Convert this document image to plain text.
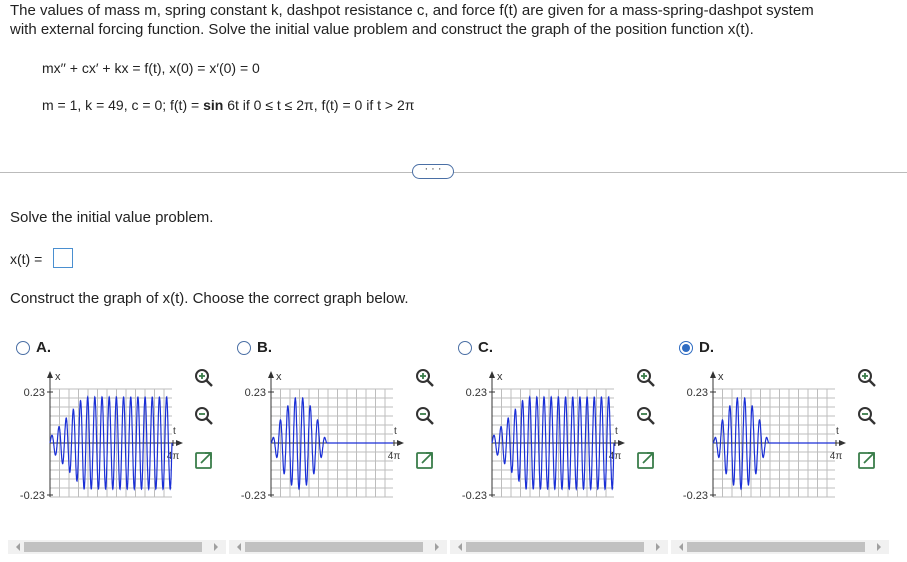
The values of mass m, spring constant k, dashpot resistance c, and force f(t) are given for a mass-spring-dashpot system
with external forcing function. Solve the initial value problem and construct the graph of the position function x(t).
mx′′ + cx′ + kx = f(t), x(0) = x′(0) = 0
m = 1, k = 49, c = 0; f(t) = sin 6t if 0 ≤ t ≤ 2π, f(t) = 0 if t > 2π
· · ·
Solve the initial value problem.
x(t) =
Construct the graph of x(t). Choose the correct graph below.
A.
0.23
-0.23
x
t
4π
B.
0.23
-0.23
x
t
4π
C.
0.23
-0.23
x
t
4π
D.
0.23
-0.23
x
t
4π
